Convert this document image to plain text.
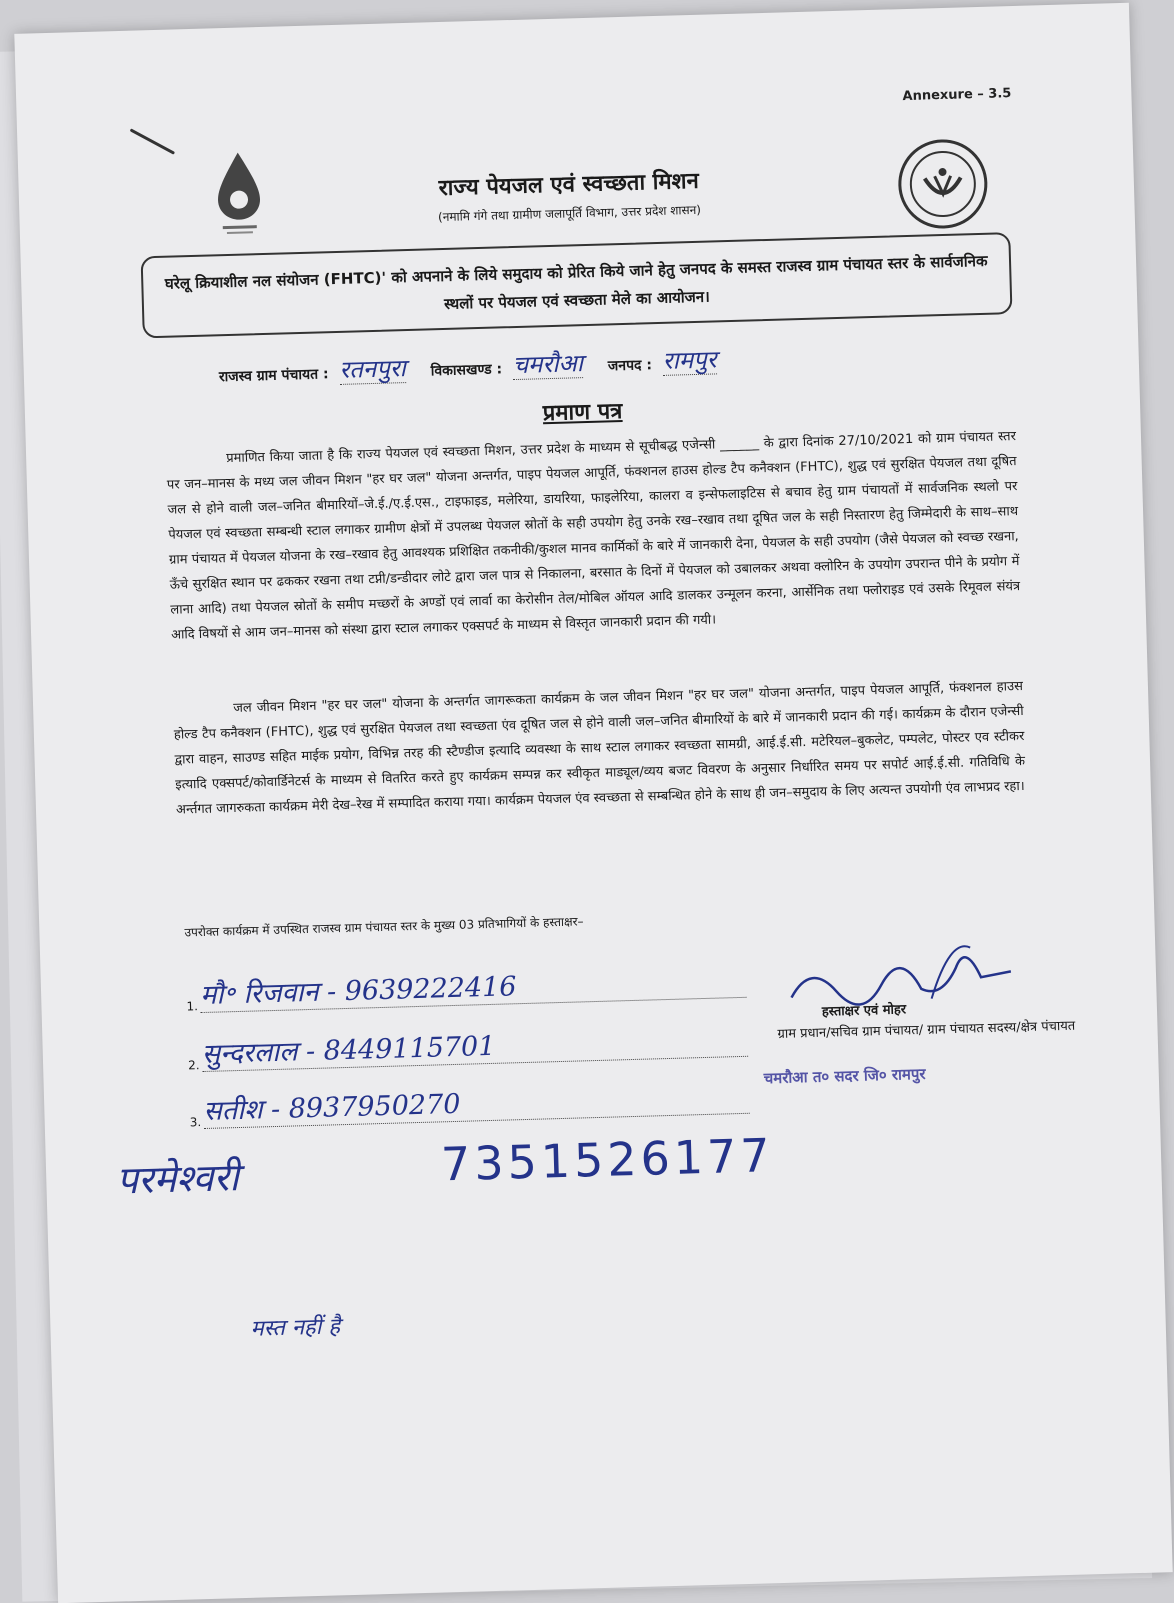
Annexure – 3.5
राज्य पेयजल एवं स्वच्छता मिशन
(नमामि गंगे तथा ग्रामीण जलापूर्ति विभाग, उत्तर प्रदेश शासन)
घरेलू क्रियाशील नल संयोजन (FHTC)' को अपनाने के लिये समुदाय को प्रेरित किये जाने हेतु जनपद के समस्त राजस्व ग्राम पंचायत स्तर के सार्वजनिक स्थलों पर पेयजल एवं स्वच्छता मेले का आयोजन।
राजस्व ग्राम पंचायत : रतनपुरा विकासखण्ड : चमरौआ जनपद : रामपुर
प्रमाण पत्र
प्रमाणित किया जाता है कि राज्य पेयजल एवं स्वच्छता मिशन, उत्तर प्रदेश के माध्यम से सूचीबद्ध एजेन्सी ______ के द्वारा दिनांक 27/10/2021 को ग्राम पंचायत स्तर पर जन–मानस के मध्य जल जीवन मिशन "हर घर जल" योजना अन्तर्गत, पाइप पेयजल आपूर्ति, फंक्शनल हाउस होल्ड टैप कनैक्शन (FHTC), शुद्ध एवं सुरक्षित पेयजल तथा दूषित जल से होने वाली जल–जनित बीमारियों–जे.ई./ए.ई.एस., टाइफाइड, मलेरिया, डायरिया, फाइलेरिया, कालरा व इन्सेफलाइटिस से बचाव हेतु ग्राम पंचायतों में सार्वजनिक स्थलो पर पेयजल एवं स्वच्छता सम्बन्धी स्टाल लगाकर ग्रामीण क्षेत्रों में उपलब्ध पेयजल स्रोतों के सही उपयोग हेतु उनके रख–रखाव तथा दूषित जल के सही निस्तारण हेतु जिम्मेदारी के साथ–साथ ग्राम पंचायत में पेयजल योजना के रख–रखाव हेतु आवश्यक प्रशिक्षित तकनीकी/कुशल मानव कार्मिकों के बारे में जानकारी देना, पेयजल के सही उपयोग (जैसे पेयजल को स्वच्छ रखना, ऊँचे सुरक्षित स्थान पर ढककर रखना तथा टप्नी/डन्डीदार लोटे द्वारा जल पात्र से निकालना, बरसात के दिनों में पेयजल को उबालकर अथवा क्लोरिन के उपयोग उपरान्त पीने के प्रयोग में लाना आदि) तथा पेयजल स्रोतों के समीप मच्छरों के अण्डों एवं लार्वा का केरोसीन तेल/मोबिल ऑयल आदि डालकर उन्मूलन करना, आर्सेनिक तथा फ्लोराइड एवं उसके रिमूवल संयंत्र आदि विषयों से आम जन–मानस को संस्था द्वारा स्टाल लगाकर एक्सपर्ट के माध्यम से विस्तृत जानकारी प्रदान की गयी।
जल जीवन मिशन "हर घर जल" योजना के अन्तर्गत जागरूकता कार्यक्रम के जल जीवन मिशन "हर घर जल" योजना अन्तर्गत, पाइप पेयजल आपूर्ति, फंक्शनल हाउस होल्ड टैप कनैक्शन (FHTC), शुद्ध एवं सुरक्षित पेयजल तथा स्वच्छता एंव दूषित जल से होने वाली जल–जनित बीमारियों के बारे में जानकारी प्रदान की गई। कार्यक्रम के दौरान एजेन्सी द्वारा वाहन, साउण्ड सहित माईक प्रयोग, विभिन्न तरह की स्टैण्डीज इत्यादि व्यवस्था के साथ स्टाल लगाकर स्वच्छता सामग्री, आई.ई.सी. मटेरियल–बुकलेट, पम्पलेट, पोस्टर एव स्टीकर इत्यादि एक्सपर्ट/कोवार्डिनेटर्स के माध्यम से वितरित करते हुए कार्यक्रम सम्पन्न कर स्वीकृत माड्यूल/व्यय बजट विवरण के अनुसार निर्धारित समय पर सपोर्ट आई.ई.सी. गतिविधि के अर्न्तगत जागरुकता कार्यक्रम मेरी देख–रेख में सम्पादित कराया गया। कार्यक्रम पेयजल एंव स्वच्छता से सम्बन्धित होने के साथ ही जन–समुदाय के लिए अत्यन्त उपयोगी एंव लाभप्रद रहा।
उपरोक्त कार्यक्रम में उपस्थित राजस्व ग्राम पंचायत स्तर के मुख्य 03 प्रतिभागियों के हस्ताक्षर–
1. मौ॰ रिजवान - 9639222416
2. सुन्दरलाल - 8449115701
3. सतीश - 8937950270
हस्ताक्षर एवं मोहर
ग्राम प्रधान/सचिव ग्राम पंचायत/ ग्राम पंचायत सदस्य/क्षेत्र पंचायत
चमरौआ त० सदर जि० रामपुर
परमेश्वरी	7351526177
मस्त नहीं है
